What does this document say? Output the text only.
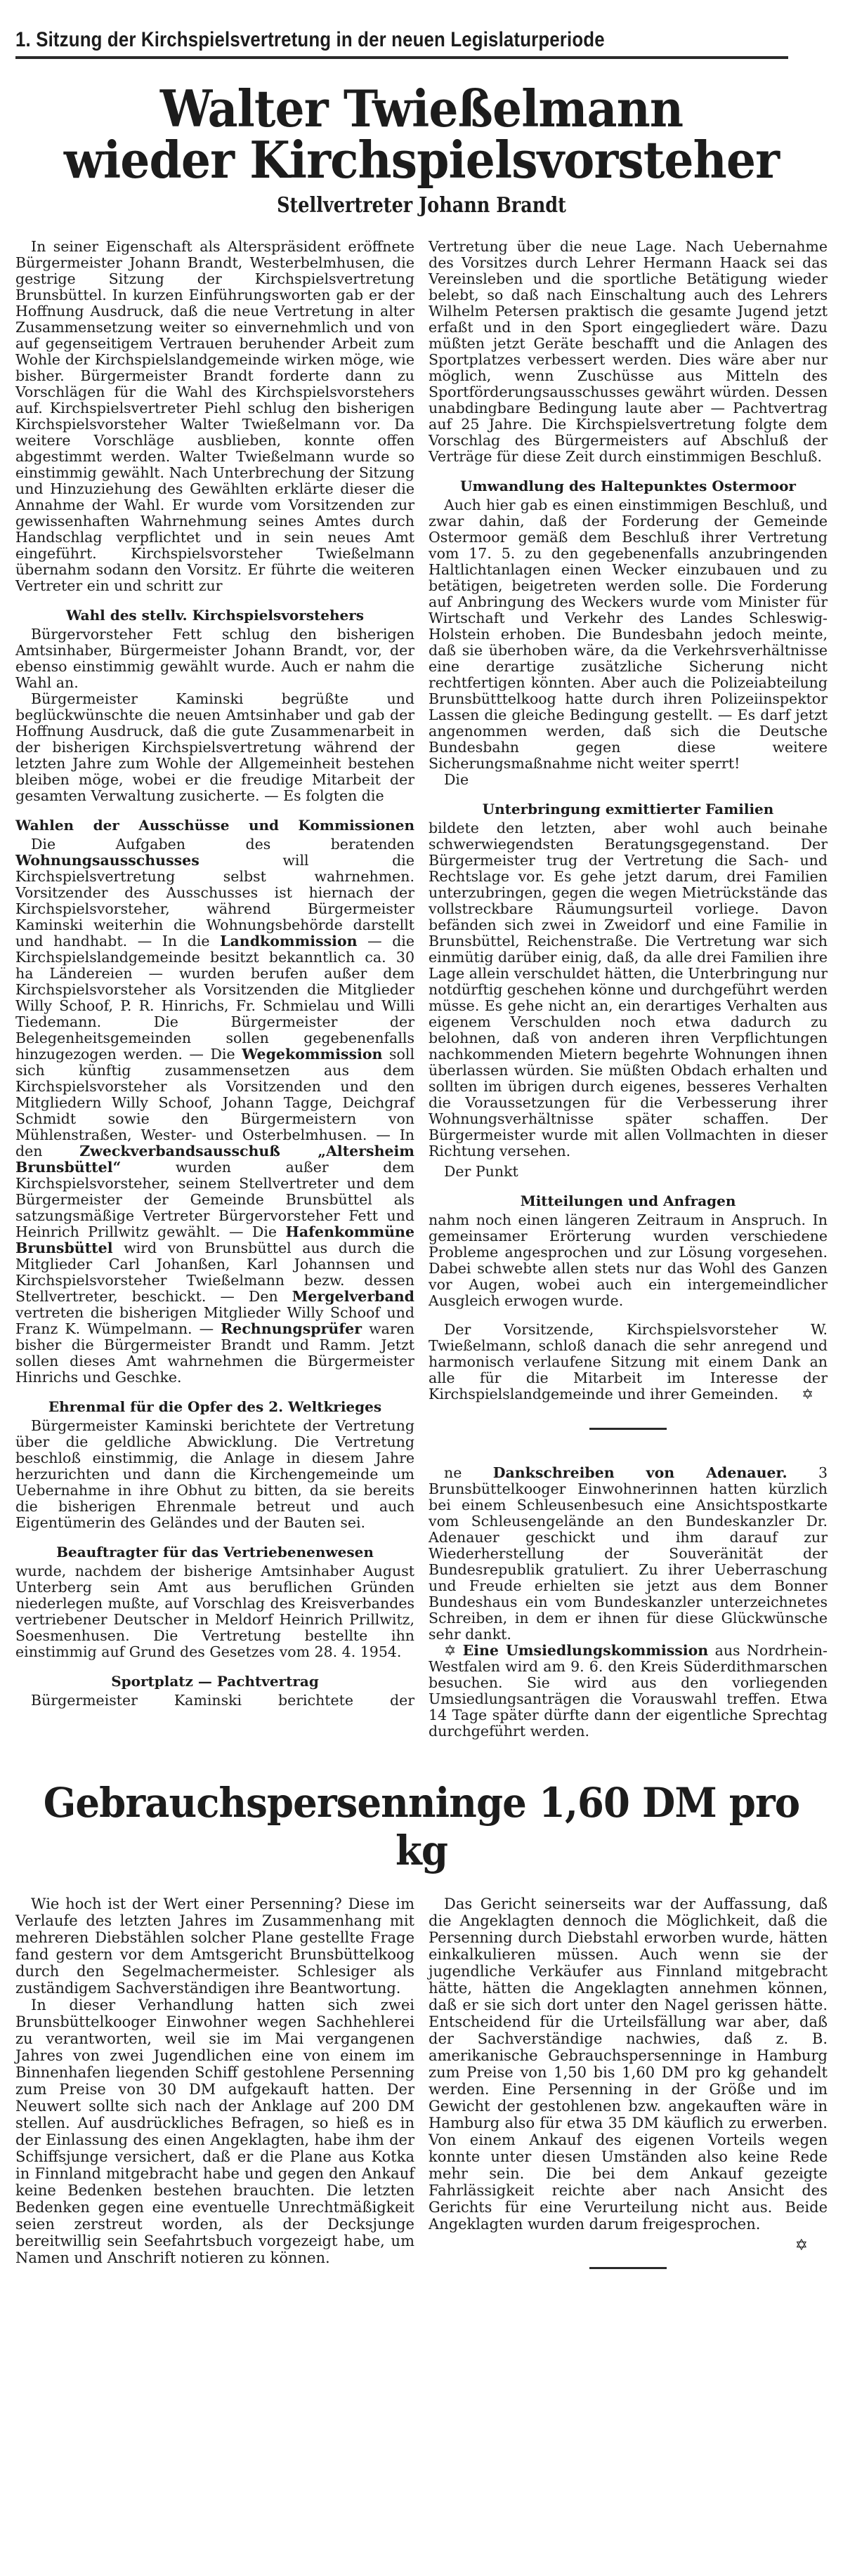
1. Sitzung der Kirchspielsvertretung in der neuen Legislaturperiode
Walter Twießelmann
wieder Kirchspielsvorsteher
Stellvertreter Johann Brandt

In seiner Eigenschaft als Alterspräsident eröffnete Bürgermeister Johann Brandt, Westerbelmhusen, die gestrige Sitzung der Kirchspielsvertretung Brunsbüttel. In kurzen Einführungsworten gab er der Hoffnung Ausdruck, daß die neue Vertretung in alter Zusammensetzung weiter so einvernehmlich und von auf gegenseitigem Vertrauen beruhender Arbeit zum Wohle der Kirchspielslandgemeinde wirken möge, wie bisher. Bürgermeister Brandt forderte dann zu Vorschlägen für die Wahl des Kirchspielsvorstehers auf. Kirchspielsvertreter Piehl schlug den bisherigen Kirchspielsvorsteher Walter Twießelmann vor. Da weitere Vorschläge ausblieben, konnte offen abgestimmt werden. Walter Twießelmann wurde so einstimmig gewählt. Nach Unterbrechung der Sitzung und Hinzuziehung des Gewählten erklärte dieser die Annahme der Wahl. Er wurde vom Vorsitzenden zur gewissenhaften Wahrnehmung seines Amtes durch Handschlag verpflichtet und in sein neues Amt eingeführt. Kirchspielsvorsteher Twießelmann übernahm sodann den Vorsitz. Er führte die weiteren Vertreter ein und schritt zur

Wahl des stellv. Kirchspielsvorstehers

Bürgervorsteher Fett schlug den bisherigen Amtsinhaber, Bürgermeister Johann Brandt, vor, der ebenso einstimmig gewählt wurde. Auch er nahm die Wahl an.

Bürgermeister Kaminski begrüßte und beglückwünschte die neuen Amtsinhaber und gab der Hoffnung Ausdruck, daß die gute Zusammenarbeit in der bisherigen Kirchspielsvertretung während der letzten Jahre zum Wohle der Allgemeinheit bestehen bleiben möge, wobei er die freudige Mitarbeit der gesamten Verwaltung zusicherte. — Es folgten die

Wahlen der Ausschüsse und Kommissionen

Die Aufgaben des beratenden Wohnungsausschusses will die Kirchspielsvertretung selbst wahrnehmen. Vorsitzender des Ausschusses ist hiernach der Kirchspielsvorsteher, während Bürgermeister Kaminski weiterhin die Wohnungsbehörde darstellt und handhabt. — In die Landkommission — die Kirchspielslandgemeinde besitzt bekanntlich ca. 30 ha Ländereien — wurden berufen außer dem Kirchspielsvorsteher als Vorsitzenden die Mitglieder Willy Schoof, P. R. Hinrichs, Fr. Schmielau und Willi Tiedemann. Die Bürgermeister der Belegenheitsgemeinden sollen gegebenenfalls hinzugezogen werden. — Die Wegekommission soll sich künftig zusammensetzen aus dem Kirchspielsvorsteher als Vorsitzenden und den Mitgliedern Willy Schoof, Johann Tagge, Deichgraf Schmidt sowie den Bürgermeistern von Mühlenstraßen, Wester- und Osterbelmhusen. — In den Zweckverbandsausschuß „Altersheim Brunsbüttel“ wurden außer dem Kirchspielsvorsteher, seinem Stellvertreter und dem Bürgermeister der Gemeinde Brunsbüttel als satzungsmäßige Vertreter Bürgervorsteher Fett und Heinrich Prillwitz gewählt. — Die Hafenkommüne Brunsbüttel wird von Brunsbüttel aus durch die Mitglieder Carl Johanßen, Karl Johannsen und Kirchspielsvorsteher Twießelmann bezw. dessen Stellvertreter, beschickt. — Den Mergelverband vertreten die bisherigen Mitglieder Willy Schoof und Franz K. Wümpelmann. — Rechnungsprüfer waren bisher die Bürgermeister Brandt und Ramm. Jetzt sollen dieses Amt wahrnehmen die Bürgermeister Hinrichs und Geschke.

Ehrenmal für die Opfer des 2. Weltkrieges

Bürgermeister Kaminski berichtete der Vertretung über die geldliche Abwicklung. Die Vertretung beschloß einstimmig, die Anlage in diesem Jahre herzurichten und dann die Kirchengemeinde um Uebernahme in ihre Obhut zu bitten, da sie bereits die bisherigen Ehrenmale betreut und auch Eigentümerin des Geländes und der Bauten sei.

Beauftragter für das Vertriebenenwesen

wurde, nachdem der bisherige Amtsinhaber August Unterberg sein Amt aus beruflichen Gründen niederlegen mußte, auf Vorschlag des Kreisverbandes vertriebener Deutscher in Meldorf Heinrich Prillwitz, Soesmenhusen. Die Vertretung bestellte ihn einstimmig auf Grund des Gesetzes vom 28. 4. 1954.

Sportplatz — Pachtvertrag

Bürgermeister Kaminski berichtete der

Vertretung über die neue Lage. Nach Uebernahme des Vorsitzes durch Lehrer Hermann Haack sei das Vereinsleben und die sportliche Betätigung wieder belebt, so daß nach Einschaltung auch des Lehrers Wilhelm Petersen praktisch die gesamte Jugend jetzt erfaßt und in den Sport eingegliedert wäre. Dazu müßten jetzt Geräte beschafft und die Anlagen des Sportplatzes verbessert werden. Dies wäre aber nur möglich, wenn Zuschüsse aus Mitteln des Sportförderungsausschusses gewährt würden. Dessen unabdingbare Bedingung laute aber — Pachtvertrag auf 25 Jahre. Die Kirchspielsvertretung folgte dem Vorschlag des Bürgermeisters auf Abschluß der Verträge für diese Zeit durch einstimmigen Beschluß.

Umwandlung des Haltepunktes Ostermoor

Auch hier gab es einen einstimmigen Beschluß, und zwar dahin, daß der Forderung der Gemeinde Ostermoor gemäß dem Beschluß ihrer Vertretung vom 17. 5. zu den gegebenenfalls anzubringenden Haltlichtanlagen einen Wecker einzubauen und zu betätigen, beigetreten werden solle. Die Forderung auf Anbringung des Weckers wurde vom Minister für Wirtschaft und Verkehr des Landes Schleswig-Holstein erhoben. Die Bundesbahn jedoch meinte, daß sie überhoben wäre, da die Verkehrsverhältnisse eine derartige zusätzliche Sicherung nicht rechtfertigen könnten. Aber auch die Polizeiabteilung Brunsbütttelkoog hatte durch ihren Polizeiinspektor Lassen die gleiche Bedingung gestellt. — Es darf jetzt angenommen werden, daß sich die Deutsche Bundesbahn gegen diese weitere Sicherungsmaßnahme nicht weiter sperrt!

Die

Unterbringung exmittierter Familien

bildete den letzten, aber wohl auch beinahe schwerwiegendsten Beratungsgegenstand. Der Bürgermeister trug der Vertretung die Sach- und Rechtslage vor. Es gehe jetzt darum, drei Familien unterzubringen, gegen die wegen Mietrückstände das vollstreckbare Räumungsurteil vorliege. Davon befänden sich zwei in Zweidorf und eine Familie in Brunsbüttel, Reichenstraße. Die Vertretung war sich einmütig darüber einig, daß, da alle drei Familien ihre Lage allein verschuldet hätten, die Unterbringung nur notdürftig geschehen könne und durchgeführt werden müsse. Es gehe nicht an, ein derartiges Verhalten aus eigenem Verschulden noch etwa dadurch zu belohnen, daß von anderen ihren Verpflichtungen nachkommenden Mietern begehrte Wohnungen ihnen überlassen würden. Sie müßten Obdach erhalten und sollten im übrigen durch eigenes, besseres Verhalten die Voraussetzungen für die Verbesserung ihrer Wohnungsverhältnisse später schaffen. Der Bürgermeister wurde mit allen Vollmachten in dieser Richtung versehen.

Der Punkt

Mitteilungen und Anfragen

nahm noch einen längeren Zeitraum in Anspruch. In gemeinsamer Erörterung wurden verschiedene Probleme angesprochen und zur Lösung vorgesehen. Dabei schwebte allen stets nur das Wohl des Ganzen vor Augen, wobei auch ein intergemeindlicher Ausgleich erwogen wurde.

Der Vorsitzende, Kirchspielsvorsteher W. Twießelmann, schloß danach die sehr anregend und harmonisch verlaufene Sitzung mit einem Dank an alle für die Mitarbeit im Interesse der Kirchspielslandgemeinde und ihrer Gemeinden.	✡

ne Dankschreiben von Adenauer. 3 Brunsbüttelkooger Einwohnerinnen hatten kürzlich bei einem Schleusenbesuch eine Ansichtspostkarte vom Schleusengelände an den Bundeskanzler Dr. Adenauer geschickt und ihm darauf zur Wiederherstellung der Souveränität der Bundesrepublik gratuliert. Zu ihrer Ueberraschung und Freude erhielten sie jetzt aus dem Bonner Bundeshaus ein vom Bundeskanzler unterzeichnetes Schreiben, in dem er ihnen für diese Glückwünsche sehr dankt.

✡ Eine Umsiedlungskommission aus Nordrhein-Westfalen wird am 9. 6. den Kreis Süderdithmarschen besuchen. Sie wird aus den vorliegenden Umsiedlungsanträgen die Vorauswahl treffen. Etwa 14 Tage später dürfte dann der eigentliche Sprechtag durchgeführt werden.

Gebrauchspersenninge 1,60 DM pro kg

Wie hoch ist der Wert einer Persenning? Diese im Verlaufe des letzten Jahres im Zusammenhang mit mehreren Diebstählen solcher Plane gestellte Frage fand gestern vor dem Amtsgericht Brunsbüttelkoog durch den Segelmachermeister. Schlesiger als zuständigem Sachverständigen ihre Beantwortung.

In dieser Verhandlung hatten sich zwei Brunsbüttelkooger Einwohner wegen Sachhehlerei zu verantworten, weil sie im Mai vergangenen Jahres von zwei Jugendlichen eine von einem im Binnenhafen liegenden Schiff gestohlene Persenning zum Preise von 30 DM aufgekauft hatten. Der Neuwert sollte sich nach der Anklage auf 200 DM stellen. Auf ausdrückliches Befragen, so hieß es in der Einlassung des einen Angeklagten, habe ihm der Schiffsjunge versichert, daß er die Plane aus Kotka in Finnland mitgebracht habe und gegen den Ankauf keine Bedenken bestehen brauchten. Die letzten Bedenken gegen eine eventuelle Unrechtmäßigkeit seien zerstreut worden, als der Decksjunge bereitwillig sein Seefahrtsbuch vorgezeigt habe, um Namen und Anschrift notieren zu können.

Das Gericht seinerseits war der Auffassung, daß die Angeklagten dennoch die Möglichkeit, daß die Persenning durch Diebstahl erworben wurde, hätten einkalkulieren müssen. Auch wenn sie der jugendliche Verkäufer aus Finnland mitgebracht hätte, hätten die Angeklagten annehmen können, daß er sie sich dort unter den Nagel gerissen hätte. Entscheidend für die Urteilsfällung war aber, daß der Sachverständige nachwies, daß z. B. amerikanische Gebrauchspersenninge in Hamburg zum Preise von 1,50 bis 1,60 DM pro kg gehandelt werden. Eine Persenning in der Größe und im Gewicht der gestohlenen bzw. angekauften wäre in Hamburg also für etwa 35 DM käuflich zu erwerben. Von einem Ankauf des eigenen Vorteils wegen konnte unter diesen Umständen also keine Rede mehr sein. Die bei dem Ankauf gezeigte Fahrlässigkeit reichte aber nach Ansicht des Gerichts für eine Verurteilung nicht aus. Beide Angeklagten wurden darum freigesprochen.

✡
